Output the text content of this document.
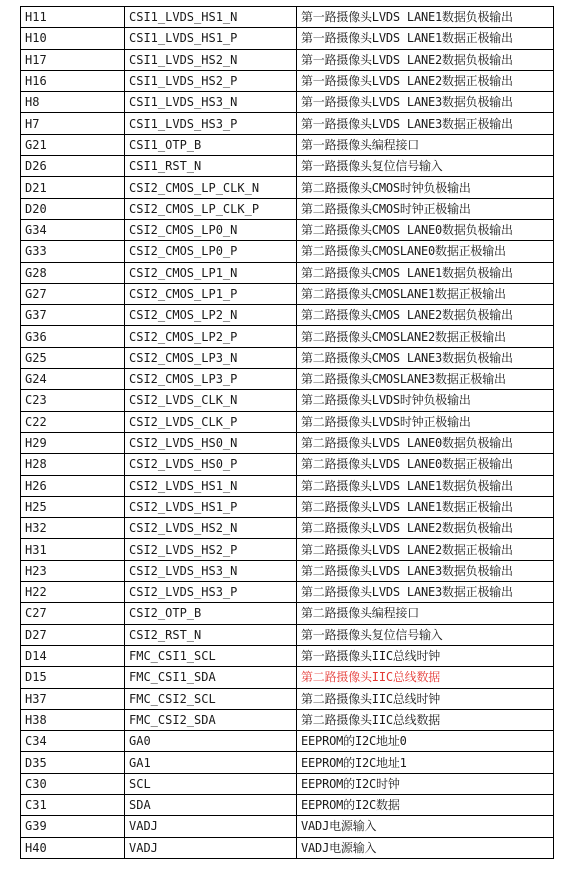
H11	CSI1_LVDS_HS1_N	第一路摄像头LVDS LANE1数据负极输出
H10	CSI1_LVDS_HS1_P	第一路摄像头LVDS LANE1数据正极输出
H17	CSI1_LVDS_HS2_N	第一路摄像头LVDS LANE2数据负极输出
H16	CSI1_LVDS_HS2_P	第一路摄像头LVDS LANE2数据正极输出
H8	CSI1_LVDS_HS3_N	第一路摄像头LVDS LANE3数据负极输出
H7	CSI1_LVDS_HS3_P	第一路摄像头LVDS LANE3数据正极输出
G21	CSI1_OTP_B	第一路摄像头编程接口
D26	CSI1_RST_N	第一路摄像头复位信号输入
D21	CSI2_CMOS_LP_CLK_N	第二路摄像头CMOS时钟负极输出
D20	CSI2_CMOS_LP_CLK_P	第二路摄像头CMOS时钟正极输出
G34	CSI2_CMOS_LP0_N	第二路摄像头CMOS LANE0数据负极输出
G33	CSI2_CMOS_LP0_P	第二路摄像头CMOSLANE0数据正极输出
G28	CSI2_CMOS_LP1_N	第二路摄像头CMOS LANE1数据负极输出
G27	CSI2_CMOS_LP1_P	第二路摄像头CMOSLANE1数据正极输出
G37	CSI2_CMOS_LP2_N	第二路摄像头CMOS LANE2数据负极输出
G36	CSI2_CMOS_LP2_P	第二路摄像头CMOSLANE2数据正极输出
G25	CSI2_CMOS_LP3_N	第二路摄像头CMOS LANE3数据负极输出
G24	CSI2_CMOS_LP3_P	第二路摄像头CMOSLANE3数据正极输出
C23	CSI2_LVDS_CLK_N	第二路摄像头LVDS时钟负极输出
C22	CSI2_LVDS_CLK_P	第二路摄像头LVDS时钟正极输出
H29	CSI2_LVDS_HS0_N	第二路摄像头LVDS LANE0数据负极输出
H28	CSI2_LVDS_HS0_P	第二路摄像头LVDS LANE0数据正极输出
H26	CSI2_LVDS_HS1_N	第二路摄像头LVDS LANE1数据负极输出
H25	CSI2_LVDS_HS1_P	第二路摄像头LVDS LANE1数据正极输出
H32	CSI2_LVDS_HS2_N	第二路摄像头LVDS LANE2数据负极输出
H31	CSI2_LVDS_HS2_P	第二路摄像头LVDS LANE2数据正极输出
H23	CSI2_LVDS_HS3_N	第二路摄像头LVDS LANE3数据负极输出
H22	CSI2_LVDS_HS3_P	第二路摄像头LVDS LANE3数据正极输出
C27	CSI2_OTP_B	第二路摄像头编程接口
D27	CSI2_RST_N	第一路摄像头复位信号输入
D14	FMC_CSI1_SCL	第一路摄像头IIC总线时钟
D15	FMC_CSI1_SDA	第二路摄像头IIC总线数据
H37	FMC_CSI2_SCL	第二路摄像头IIC总线时钟
H38	FMC_CSI2_SDA	第二路摄像头IIC总线数据
C34	GA0	EEPROM的I2C地址0
D35	GA1	EEPROM的I2C地址1
C30	SCL	EEPROM的I2C时钟
C31	SDA	EEPROM的I2C数据
G39	VADJ	VADJ电源输入
H40	VADJ	VADJ电源输入
